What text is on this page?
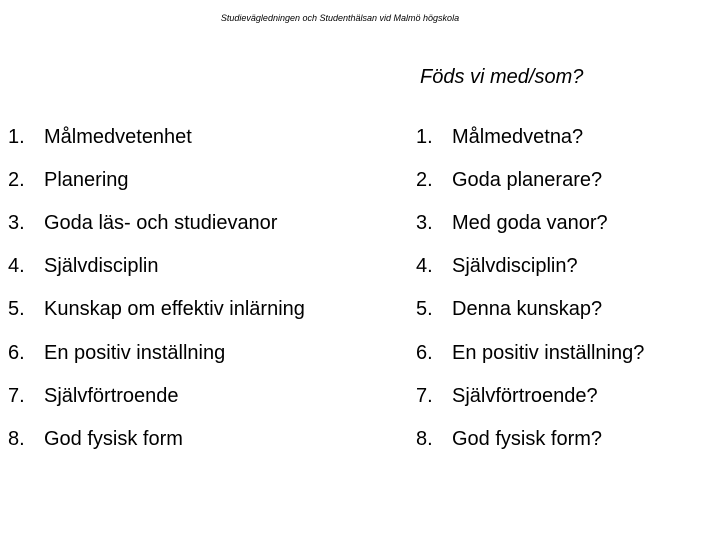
Studievägledningen och Studenthälsan vid Malmö högskola
Föds vi med/som?
1. Målmedvetenhet
2. Planering
3. Goda läs- och studievanor
4. Självdisciplin
5. Kunskap om effektiv inlärning
6. En positiv inställning
7. Självförtroende
8. God fysisk form
1. Målmedvetna?
2. Goda planerare?
3. Med goda vanor?
4. Självdisciplin?
5. Denna kunskap?
6. En positiv inställning?
7. Självförtroende?
8. God fysisk form?
